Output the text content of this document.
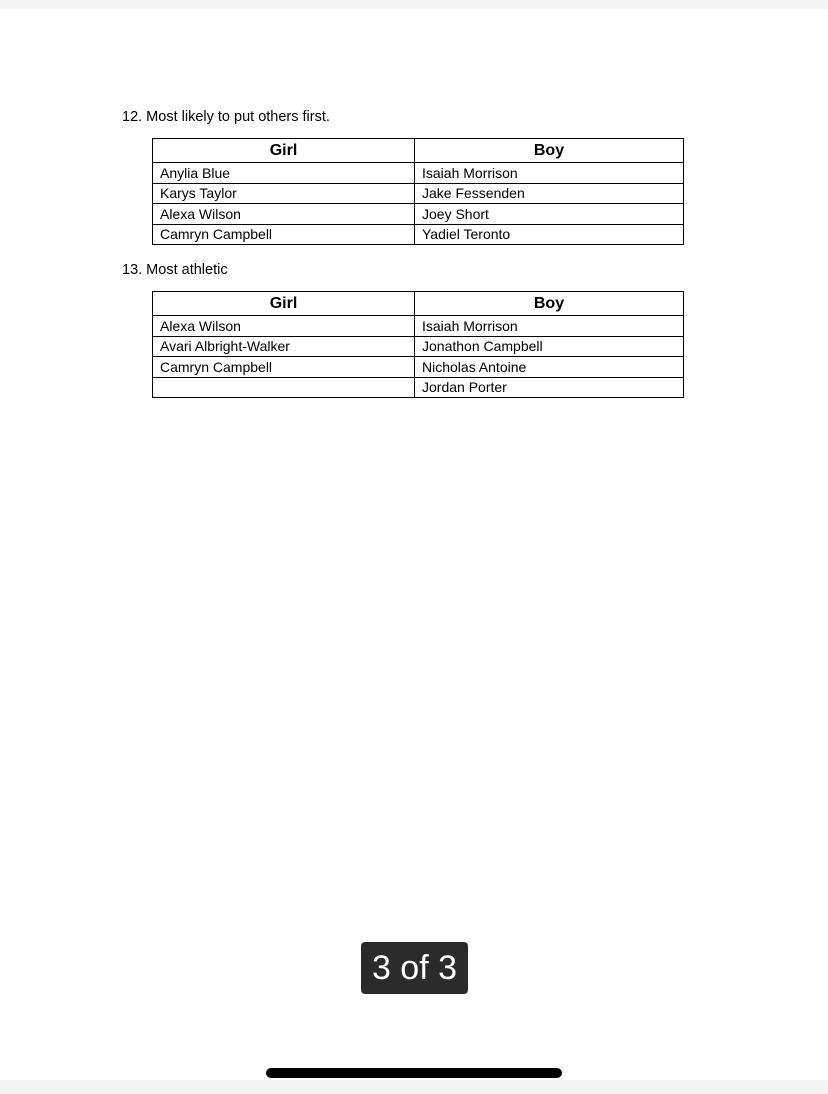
12. Most likely to put others first.
Girl	Boy
Anylia Blue	Isaiah Morrison
Karys Taylor	Jake Fessenden
Alexa Wilson	Joey Short
Camryn Campbell	Yadiel Teronto
13. Most athletic
Girl	Boy
Alexa Wilson	Isaiah Morrison
Avari Albright-Walker	Jonathon Campbell
Camryn Campbell	Nicholas Antoine
	Jordan Porter
3 of 3
